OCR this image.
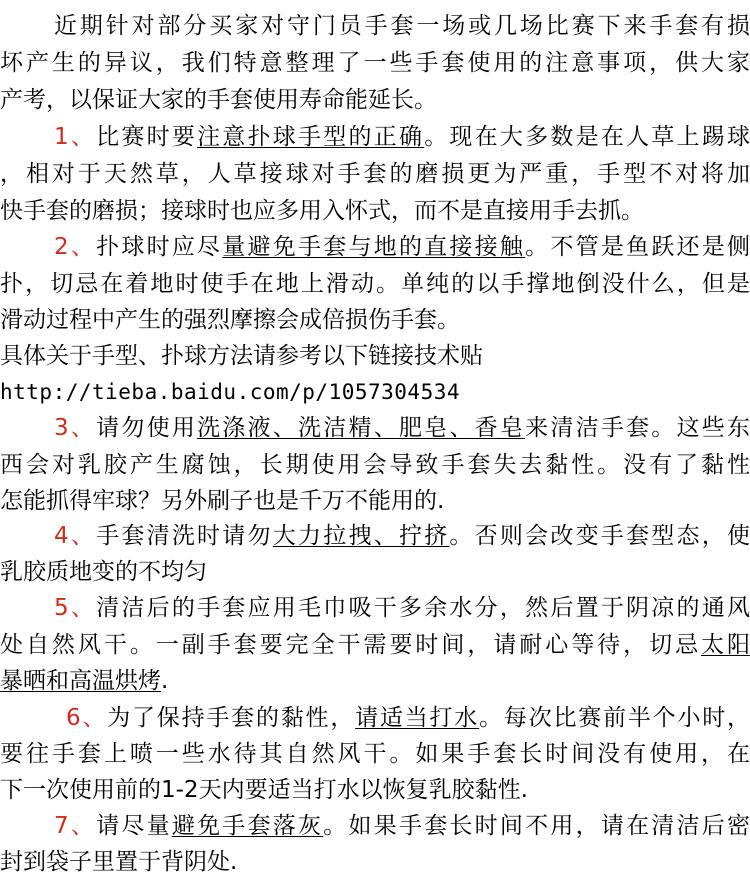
近期针对部分买家对守门员手套一场或几场比赛下来手套有损
坏产生的异议，我们特意整理了一些手套使用的注意事项，供大家
产考，以保证大家的手套使用寿命能延长。
1、比赛时要注意扑球手型的正确。现在大多数是在人草上踢球
，相对于天然草，人草接球对手套的磨损更为严重，手型不对将加
快手套的磨损；接球时也应多用入怀式，而不是直接用手去抓。
2、扑球时应尽量避免手套与地的直接接触。不管是鱼跃还是侧
扑，切忌在着地时使手在地上滑动。单纯的以手撑地倒没什么，但是
滑动过程中产生的强烈摩擦会成倍损伤手套。
具体关于手型、扑球方法请参考以下链接技术贴
http://tieba.baidu.com/p/1057304534
3、请勿使用洗涤液、洗洁精、肥皂、香皂来清洁手套。这些东
西会对乳胶产生腐蚀，长期使用会导致手套失去黏性。没有了黏性
怎能抓得牢球？另外刷子也是千万不能用的.
4、手套清洗时请勿大力拉拽、拧挤。否则会改变手套型态，使
乳胶质地变的不均匀
5、清洁后的手套应用毛巾吸干多余水分，然后置于阴凉的通风
处自然风干。一副手套要完全干需要时间，请耐心等待，切忌太阳
暴晒和高温烘烤.
6、为了保持手套的黏性，请适当打水。每次比赛前半个小时，
要往手套上喷一些水待其自然风干。如果手套长时间没有使用，在
下一次使用前的1-2天内要适当打水以恢复乳胶黏性.
7、请尽量避免手套落灰。如果手套长时间不用，请在清洁后密
封到袋子里置于背阴处.
